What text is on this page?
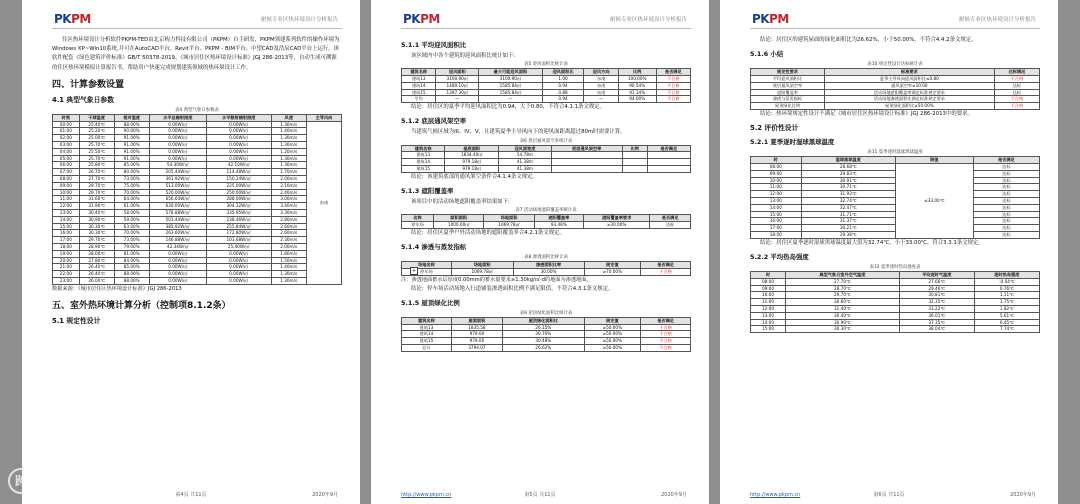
PKPM	耐候专业区热环境设计分析报告
住区热环境设计分析软件PKPM-TED由北京构力科技有限公司（PKPM）自主研发，PKPM领建系列软件的操作环境为Windows XP~Win10系统,并可在AutoCAD平台、Revit平台、PKPM - BIM平台、中望CAD及浩辰CAD平台上运行。该软件配套《绿色建筑评价标准》GB/T 50378-2019、《城市居住区热环境设计标准》JGJ 286-2013等，自动生成可溯源的住区热环境模拟计算报告书，帮助用户快速完成规划建筑领域的热环境设计工作。
四、计算参数设置
4.1 典型气象日参数
表4 典型气象日参数表
时刻	干球温度	相对湿度	水平总辐射照度	水平散射辐射照度	风速	主导风向
00:00	25.40℃	88.00%	0.00W/㎡	0.00W/㎡	1.30m/s	东南
01:00	25.20℃	90.00%	0.00W/㎡	0.00W/㎡	1.40m/s	
02:00	25.00℃	91.00%	0.00W/㎡	0.00W/㎡	1.30m/s	
03:00	25.70℃	91.00%	0.00W/㎡	0.00W/㎡	1.30m/s	
04:00	25.50℃	91.00%	0.00W/㎡	0.00W/㎡	1.20m/s	
05:00	25.70℃	91.00%	0.00W/㎡	0.00W/㎡	1.30m/s	
06:00	25.80℃	85.00%	54.30W/㎡	42.10W/㎡	1.30m/s	
07:00	26.70℃	80.00%	205.44W/㎡	114.48W/㎡	1.70m/s	
08:00	27.70℃	73.00%	361.92W/㎡	150.24W/㎡	2.00m/s	
09:00	29.70℃	75.00%	513.00W/㎡	225.00W/㎡	2.10m/s	
10:00	29.70℃	70.00%	520.00W/㎡	250.00W/㎡	2.40m/s	
11:00	31.60℃	64.00%	656.64W/㎡	288.00W/㎡	3.00m/s	
12:00	31.90℃	61.00%	620.00W/㎡	304.32W/㎡	3.40m/s	
13:00	30.40℃	58.00%	578.88W/㎡	335.95W/㎡	3.30m/s	
14:00	30.90℃	59.00%	503.44W/㎡	238.46W/㎡	2.80m/s	
15:00	30.30℃	63.00%	385.92W/㎡	255.84W/㎡	2.60m/s	
16:00	30.30℃	70.00%	263.60W/㎡	172.80W/㎡	2.60m/s	
17:00	29.70℃	73.00%	146.88W/㎡	103.68W/㎡	2.30m/s	
18:00	28.90℃	79.00%	42.34W/㎡	25.40W/㎡	2.00m/s	
19:00	28.00℃	81.00%	0.00W/㎡	0.00W/㎡	1.80m/s	
20:00	27.80℃	84.00%	0.00W/㎡	0.00W/㎡	1.50m/s	
21:00	26.40℃	85.00%	0.00W/㎡	0.00W/㎡	1.40m/s	
22:00	26.40℃	88.00%	0.00W/㎡	0.00W/㎡	1.30m/s	
23:00	26.00℃	88.00%	0.00W/㎡	0.00W/㎡	1.30m/s	
数据来源：《城市居住区热环境设计标准》JGJ 286-2013
五、室外热环境计算分析（控制项8.1.2条）
5.1 规定性设计
第4页 共11页	2020年9月
PKPM	耐候专业区热环境设计分析报告
5.1.1 平均迎风面积比
该区域内中各个建筑的迎风面积比统计如下:
表5 迎风面积比统计表
建筑名称	迎风面积	最大可能迎风面积	迎风面积比	迎风方向	比例	是否满足
建筑13	3100.90㎡	3100.90㎡	1.00	东南	100.00%	不合格
建筑14	1489.10㎡	1585.84㎡	0.94	东南	90.54%	不合格
建筑15	1397.30㎡	1585.84㎡	0.88	东南	91.34%	不合格
平均	—	—	0.94	—	94.00%	不合格
结论：居住区的夏季平均迎风面积比为0.94，大于0.80，不符合4.1.1条文规定。
5.1.2 底层通风架空率
当建筑气候区域为III、IV、V，且建筑夏季主导风向下的迎风面距离超过80m时需要计算。
表6 底层通风架空率统计表
建筑名称	基底面积	迎风面宽度	底层通风架空率	比例	是否满足
建筑13	1834.40㎡	54.78m			
建筑14	979.18㎡	41.38m			
建筑15	979.18㎡	41.38m			
结论：该建筑底部的通风架空条件合4.1.4条文规定。
5.1.3 遮阳覆盖率
该项目中的活动场地遮阳覆盖率结果如下:
表7 活动场地遮阳覆盖率统计表
名称	面积面积	场地面积	遮阳覆盖率	遮阳覆盖率要求	是否满足
停车场	1000.00㎡	1069.78㎡	93.48%	≥30.00%	达标
结论：居住区夏季户外活动场地的遮阳覆盖率合4.2.1条文规定。
5.1.4 渗透与蒸发指标
表8 渗透面积比统计表
场地名称	场地面积	渗透面积比率	规定值	是否满足
停车场	1069.78㎡	30.00%	≥70.00%	不合格
注：渗透地面蓄水层厚度0.00mm的蓄水量要求≥1.30kg/㎡·d的地面为渗透地面。
结论：停车场活动场地入行道铺装渗透面积比例不满足限值，不符合4.3.1条文规定。
5.1.5 屋顶绿化比例
表9 屋顶绿化面积比统计表
建筑名称	屋面面积	屋顶绿化面积比	规定值	是否满足
建筑13	1835.58	26.15%	≥50.00%	不合格
建筑14	979.00	30.70%	≥50.00%	不合格
建筑15	979.00	30.48%	≥50.00%	不合格
总计	3794.07	26.62%	≥50.00%	不合格
http://www.pkpm.cn	第5页 共11页	2020年9月
PKPM	耐候专业区热环境设计分析报告
结论：居住区的建筑屋面的绿化面积比为26.62%，小于50.00%，不符合4.4.2条文规定。
5.1.6 小结
表10 规定性设计达标统计表
规定性要求	标准要求	达标情况
平均迎风面积比	夏季主导风向迎风面积比≤0.80	不合格
底层通风架空率	通风架空率≥10.00	达标
遮阳覆盖率	活动场地遮阳覆盖率满足标准规定要求	达标
渗透与蒸发指标	活动场地渗透面积比满足标准规定要求	不合格
屋顶绿化比例	屋顶绿化面积比≥50.00%	不合格
结论：热环境规定性设计不满足《城市居住区热环境设计标准》JGJ 286-2013中的要求。
5.2 评价性设计
5.2.1 夏季逐时湿球黑球温度
表11 夏季逐时湿球黑球温度
时	湿球黑球温度	限值	是否满足
08:00	28.68℃	≤33.00℃	达标
09:00	29.83℃		达标
10:00	30.91℃		达标
11:00	30.71℃		达标
12:00	31.93℃		达标
13:00	32.74℃		达标
14:00	32.47℃		达标
15:00	31.71℃		达标
16:00	31.37℃		达标
17:00	30.21℃		达标
18:00	29.38℃		达标
结论：居住区夏季逐时湿球黑球温度最大值为32.74℃，小于33.00℃，符合3.3.1条文规定。
5.2.2 平均热岛强度
表12 夏季逐时热岛强度表
时	典型气象日室外空气温度	平均逐时气温度	逐时热岛强度
08:00	27.70℃	27.66℃	-0.04℃
09:00	28.70℃	29.46℃	0.76℃
10:00	29.70℃	30.81℃	1.11℃
11:00	30.60℃	32.35℃	1.75℃
12:00	31.40℃	33.22℃	1.82℃
13:00	30.40℃	36.01℃	5.61℃
14:00	30.90℃	37.35℃	6.45℃
15:00	30.30℃	38.04℃	7.74℃
http://www.pkpm.cn	第6页 共11页	2020年9月
+
跨 大数跨境
